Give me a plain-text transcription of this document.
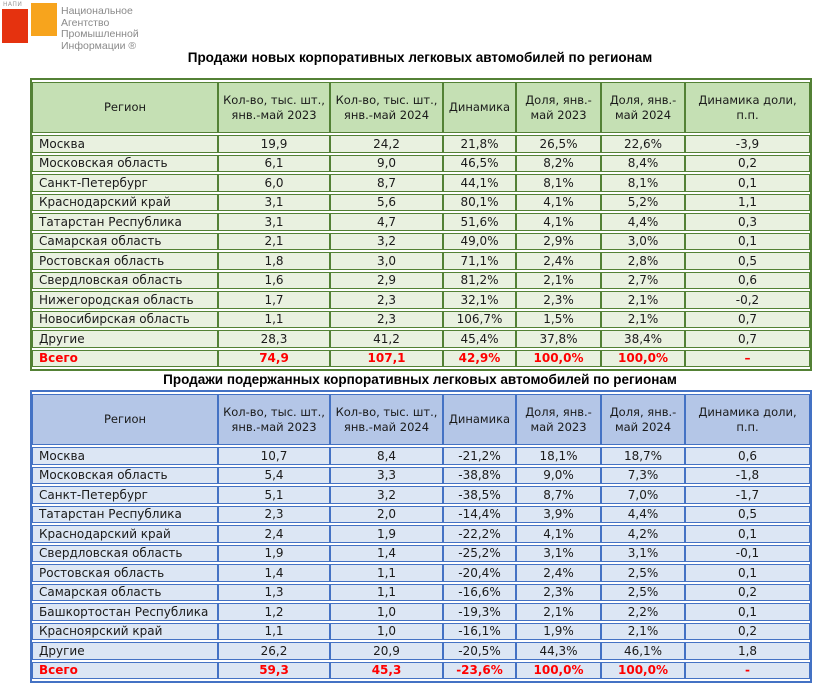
НАПИ
Национальное
Агентство
Промышленной
Информации ®
Продажи новых корпоративных легковых автомобилей по регионам
Регион	Кол-во, тыс. шт., янв.-май 2023	Кол-во, тыс. шт., янв.-май 2024	Динамика	Доля, янв.-май 2023	Доля, янв.-май 2024	Динамика доли, п.п.
Москва	19,9	24,2	21,8%	26,5%	22,6%	-3,9
Московская область	6,1	9,0	46,5%	8,2%	8,4%	0,2
Санкт-Петербург	6,0	8,7	44,1%	8,1%	8,1%	0,1
Краснодарский край	3,1	5,6	80,1%	4,1%	5,2%	1,1
Татарстан Республика	3,1	4,7	51,6%	4,1%	4,4%	0,3
Самарская область	2,1	3,2	49,0%	2,9%	3,0%	0,1
Ростовская область	1,8	3,0	71,1%	2,4%	2,8%	0,5
Свердловская область	1,6	2,9	81,2%	2,1%	2,7%	0,6
Нижегородская область	1,7	2,3	32,1%	2,3%	2,1%	-0,2
Новосибирская область	1,1	2,3	106,7%	1,5%	2,1%	0,7
Другие	28,3	41,2	45,4%	37,8%	38,4%	0,7
Всего	74,9	107,1	42,9%	100,0%	100,0%	–
Продажи подержанных корпоративных легковых автомобилей по регионам
Регион	Кол-во, тыс. шт., янв.-май 2023	Кол-во, тыс. шт., янв.-май 2024	Динамика	Доля, янв.-май 2023	Доля, янв.-май 2024	Динамика доли, п.п.
Москва	10,7	8,4	-21,2%	18,1%	18,7%	0,6
Московская область	5,4	3,3	-38,8%	9,0%	7,3%	-1,8
Санкт-Петербург	5,1	3,2	-38,5%	8,7%	7,0%	-1,7
Татарстан Республика	2,3	2,0	-14,4%	3,9%	4,4%	0,5
Краснодарский край	2,4	1,9	-22,2%	4,1%	4,2%	0,1
Свердловская область	1,9	1,4	-25,2%	3,1%	3,1%	-0,1
Ростовская область	1,4	1,1	-20,4%	2,4%	2,5%	0,1
Самарская область	1,3	1,1	-16,6%	2,3%	2,5%	0,2
Башкортостан Республика	1,2	1,0	-19,3%	2,1%	2,2%	0,1
Красноярский край	1,1	1,0	-16,1%	1,9%	2,1%	0,2
Другие	26,2	20,9	-20,5%	44,3%	46,1%	1,8
Всего	59,3	45,3	-23,6%	100,0%	100,0%	-
